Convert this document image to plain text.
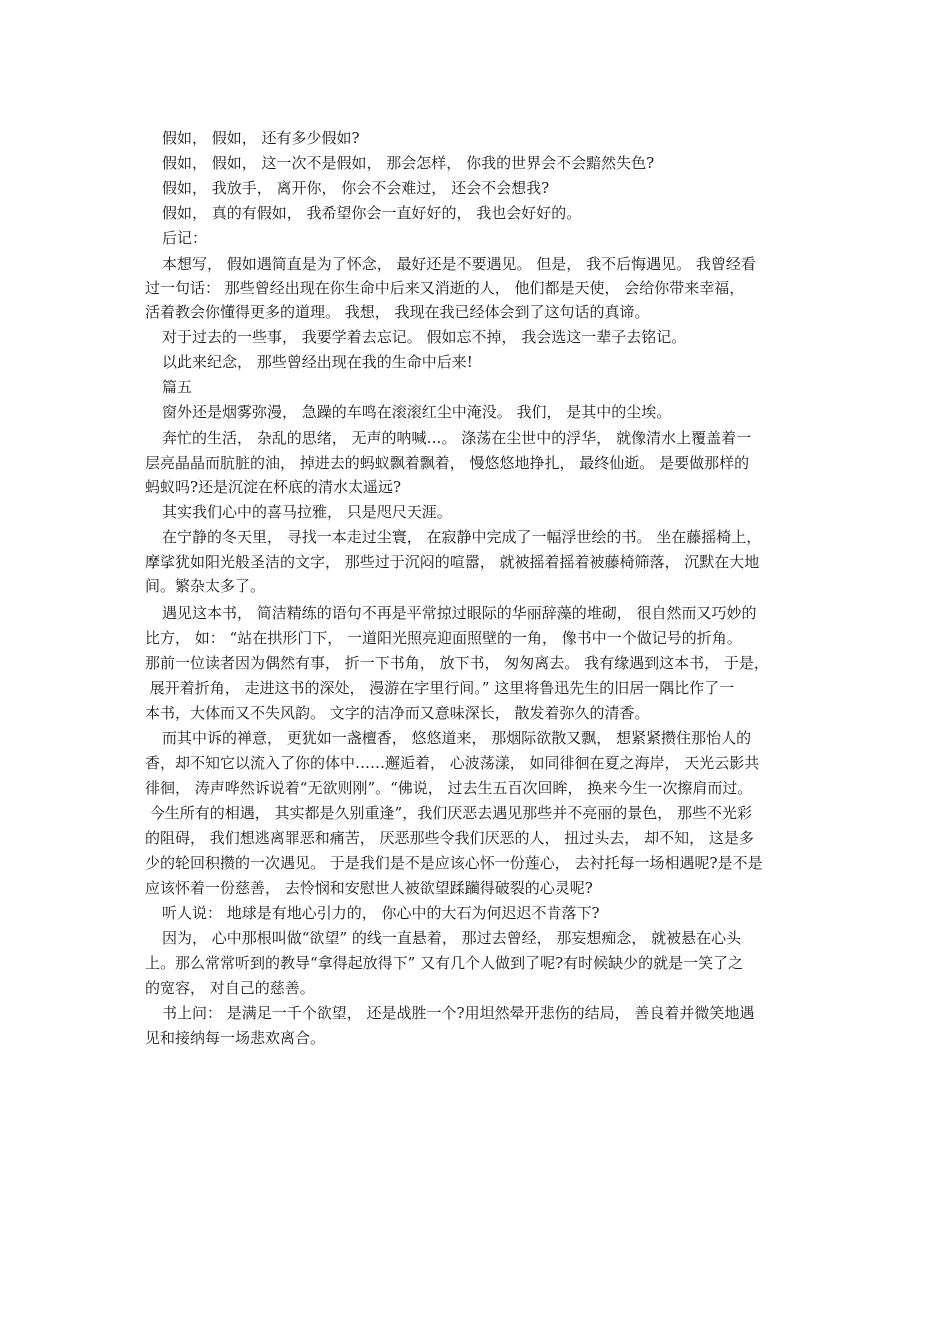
假如， 假如， 还有多少假如?
假如， 假如， 这一次不是假如， 那会怎样， 你我的世界会不会黯然失色?
假如， 我放手， 离开你， 你会不会难过， 还会不会想我?
假如， 真的有假如， 我希望你会一直好好的， 我也会好好的。
后记：
本想写， 假如遇简直是为了怀念， 最好还是不要遇见。 但是， 我不后悔遇见。 我曾经看
过一句话： 那些曾经出现在你生命中后来又消逝的人， 他们都是天使， 会给你带来幸福，
活着教会你懂得更多的道理。 我想， 我现在我已经体会到了这句话的真谛。
对于过去的一些事， 我要学着去忘记。 假如忘不掉， 我会选这一辈子去铭记。
以此来纪念， 那些曾经出现在我的生命中后来!
篇五
窗外还是烟雾弥漫， 急躁的车鸣在滚滚红尘中淹没。 我们， 是其中的尘埃。
奔忙的生活， 杂乱的思绪， 无声的呐喊…。 涤荡在尘世中的浮华， 就像清水上覆盖着一
层亮晶晶而肮脏的油， 掉进去的蚂蚁飘着飘着， 慢悠悠地挣扎， 最终仙逝。 是要做那样的
蚂蚁吗?还是沉淀在杯底的清水太遥远?
其实我们心中的喜马拉雅， 只是咫尺天涯。
在宁静的冬天里， 寻找一本走过尘寰， 在寂静中完成了一幅浮世绘的书。 坐在藤摇椅上，
摩挲犹如阳光般圣洁的文字， 那些过于沉闷的喧嚣， 就被摇着摇着被藤椅筛落， 沉默在大地
间。繁杂太多了。
遇见这本书， 简洁精练的语句不再是平常掠过眼际的华丽辞藻的堆砌， 很自然而又巧妙的
比方， 如： “站在拱形门下， 一道阳光照亮迎面照壁的一角， 像书中一个做记号的折角。
那前一位读者因为偶然有事， 折一下书角， 放下书， 匆匆离去。 我有缘遇到这本书， 于是，
展开着折角， 走进这书的深处， 漫游在字里行间。” 这里将鲁迅先生的旧居一隅比作了一
本书，大体而又不失风韵。 文字的洁净而又意味深长， 散发着弥久的清香。
而其中诉的禅意， 更犹如一盏檀香， 悠悠道来， 那烟际欲散又飘， 想紧紧攒住那怡人的
香，却不知它以流入了你的体中……邂逅着， 心波荡漾， 如同徘徊在夏之海岸， 天光云影共
徘徊， 涛声哗然诉说着“无欲则刚”。“佛说， 过去生五百次回眸， 换来今生一次擦肩而过。
今生所有的相遇， 其实都是久别重逢”，我们厌恶去遇见那些并不亮丽的景色， 那些不光彩
的阻碍， 我们想逃离罪恶和痛苦， 厌恶那些令我们厌恶的人， 扭过头去， 却不知， 这是多
少的轮回积攒的一次遇见。 于是我们是不是应该心怀一份莲心， 去衬托每一场相遇呢?是不是
应该怀着一份慈善， 去怜悯和安慰世人被欲望蹂躏得破裂的心灵呢?
听人说： 地球是有地心引力的， 你心中的大石为何迟迟不肯落下?
因为， 心中那根叫做“欲望” 的线一直悬着， 那过去曾经， 那妄想痴念， 就被悬在心头
上。那么常常听到的教导“拿得起放得下” 又有几个人做到了呢?有时候缺少的就是一笑了之
的宽容， 对自己的慈善。
书上问： 是满足一千个欲望， 还是战胜一个?用坦然晕开悲伤的结局， 善良着并微笑地遇
见和接纳每一场悲欢离合。
